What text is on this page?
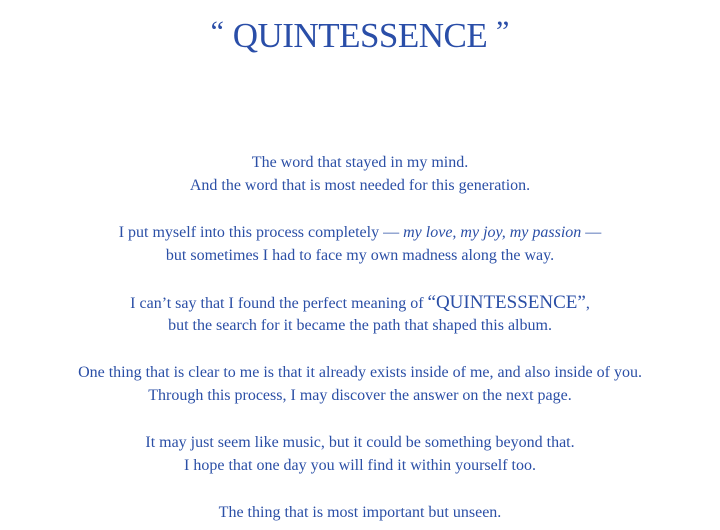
“ QUINTESSENCE ”
The word that stayed in my mind.
And the word that is most needed for this generation.
I put myself into this process completely — my love, my joy, my passion —
but sometimes I had to face my own madness along the way.
I can’t say that I found the perfect meaning of “QUINTESSENCE”,
but the search for it became the path that shaped this album.
One thing that is clear to me is that it already exists inside of me, and also inside of you.
Through this process, I may discover the answer on the next page.
It may just seem like music, but it could be something beyond that.
I hope that one day you will find it within yourself too.
The thing that is most important but unseen.
